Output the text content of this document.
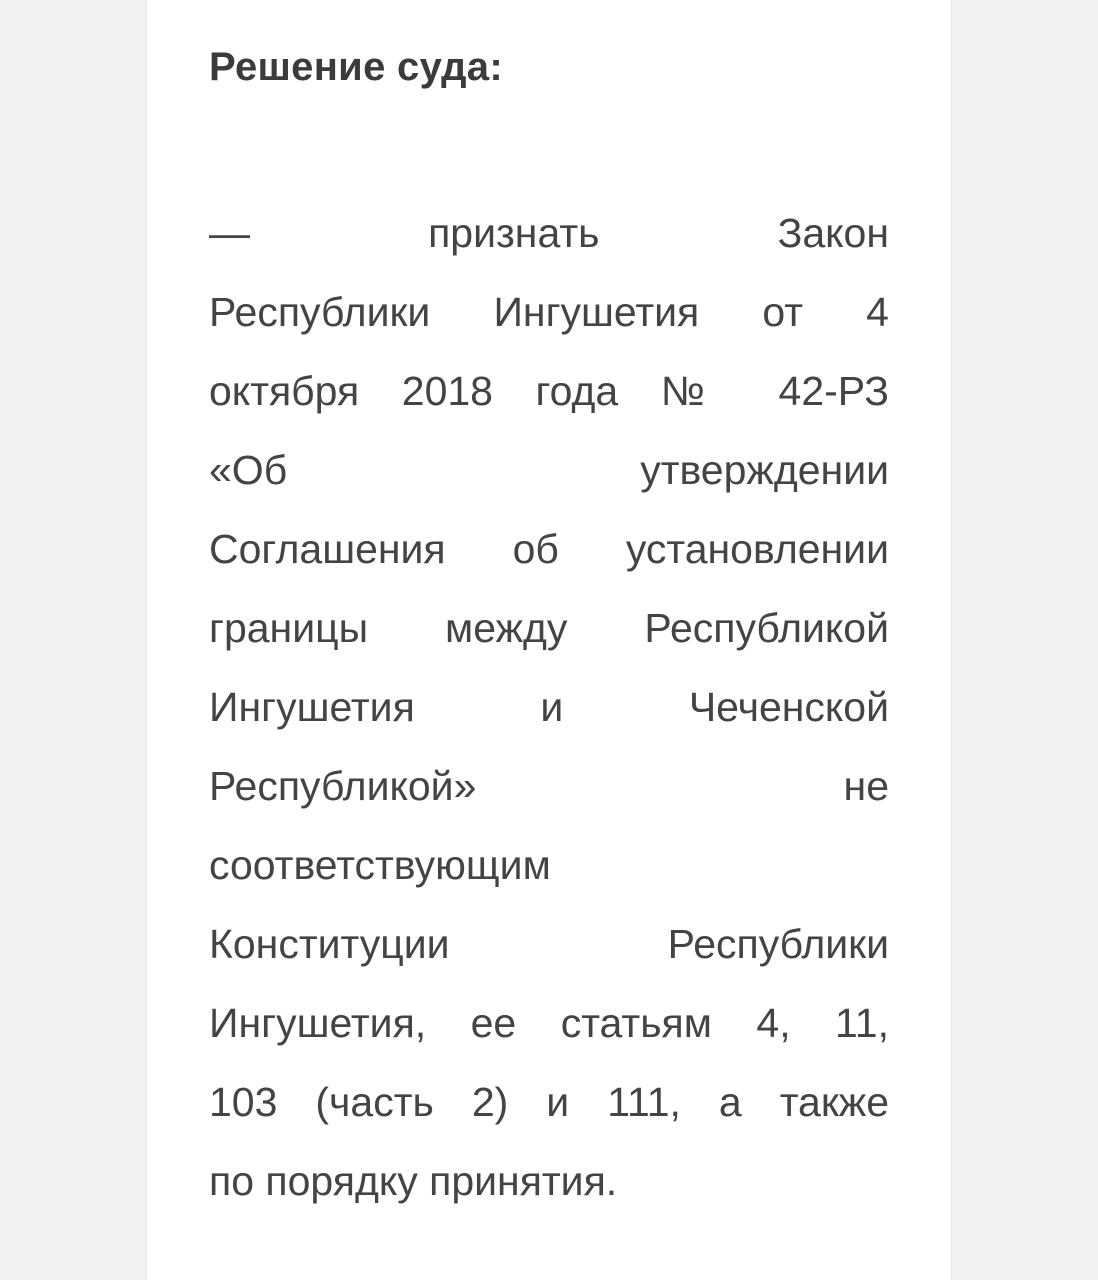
Решение суда:
— признать Закон
Республики Ингушетия от 4
октября 2018 года № 42-РЗ
«Об утверждении
Соглашения об установлении
границы между Республикой
Ингушетия и Чеченской
Республикой» не
соответствующим
Конституции Республики
Ингушетия, ее статьям 4, 11,
103 (часть 2) и 111, а также
по порядку принятия.
